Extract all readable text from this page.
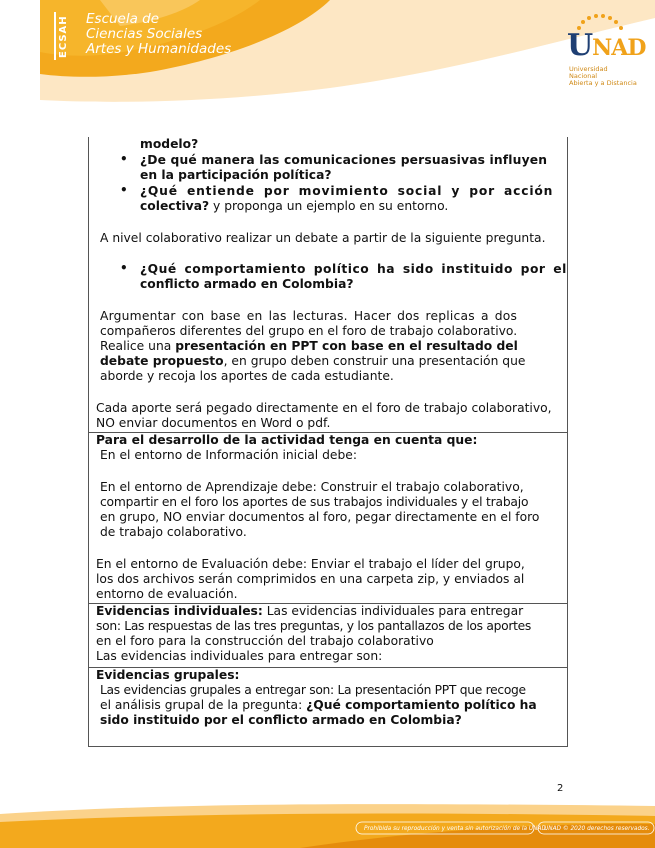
ECSAH Escuela de
Ciencias Sociales
Artes y Humanidades	UNAD
Universidad Nacional
Abierta y a Distancia
modelo?
• ¿De qué manera las comunicaciones persuasivas influyen
en la participación política?
• ¿Qué entiende por movimiento social y por acción
colectiva? y proponga un ejemplo en su entorno.
A nivel colaborativo realizar un debate a partir de la siguiente pregunta.
• ¿Qué comportamiento político ha sido instituido por el
conflicto armado en Colombia?
Argumentar con base en las lecturas. Hacer dos replicas a dos
compañeros diferentes del grupo en el foro de trabajo colaborativo.
Realice una presentación en PPT con base en el resultado del
debate propuesto, en grupo deben construir una presentación que
aborde y recoja los aportes de cada estudiante.
Cada aporte será pegado directamente en el foro de trabajo colaborativo,
NO enviar documentos en Word o pdf.
Para el desarrollo de la actividad tenga en cuenta que:
En el entorno de Información inicial debe:
En el entorno de Aprendizaje debe: Construir el trabajo colaborativo,
compartir en el foro los aportes de sus trabajos individuales y el trabajo
en grupo, NO enviar documentos al foro, pegar directamente en el foro
de trabajo colaborativo.
En el entorno de Evaluación debe: Enviar el trabajo el líder del grupo,
los dos archivos serán comprimidos en una carpeta zip, y enviados al
entorno de evaluación.
Evidencias individuales: Las evidencias individuales para entregar
son: Las respuestas de las tres preguntas, y los pantallazos de los aportes
en el foro para la construcción del trabajo colaborativo
Las evidencias individuales para entregar son:
Evidencias grupales:
Las evidencias grupales a entregar son: La presentación PPT que recoge
el análisis grupal de la pregunta: ¿Qué comportamiento político ha
sido instituido por el conflicto armado en Colombia?
2
Prohibida su reproducción y venta sin autorización de la UNAD.
UNAD © 2020 derechos reservados.
